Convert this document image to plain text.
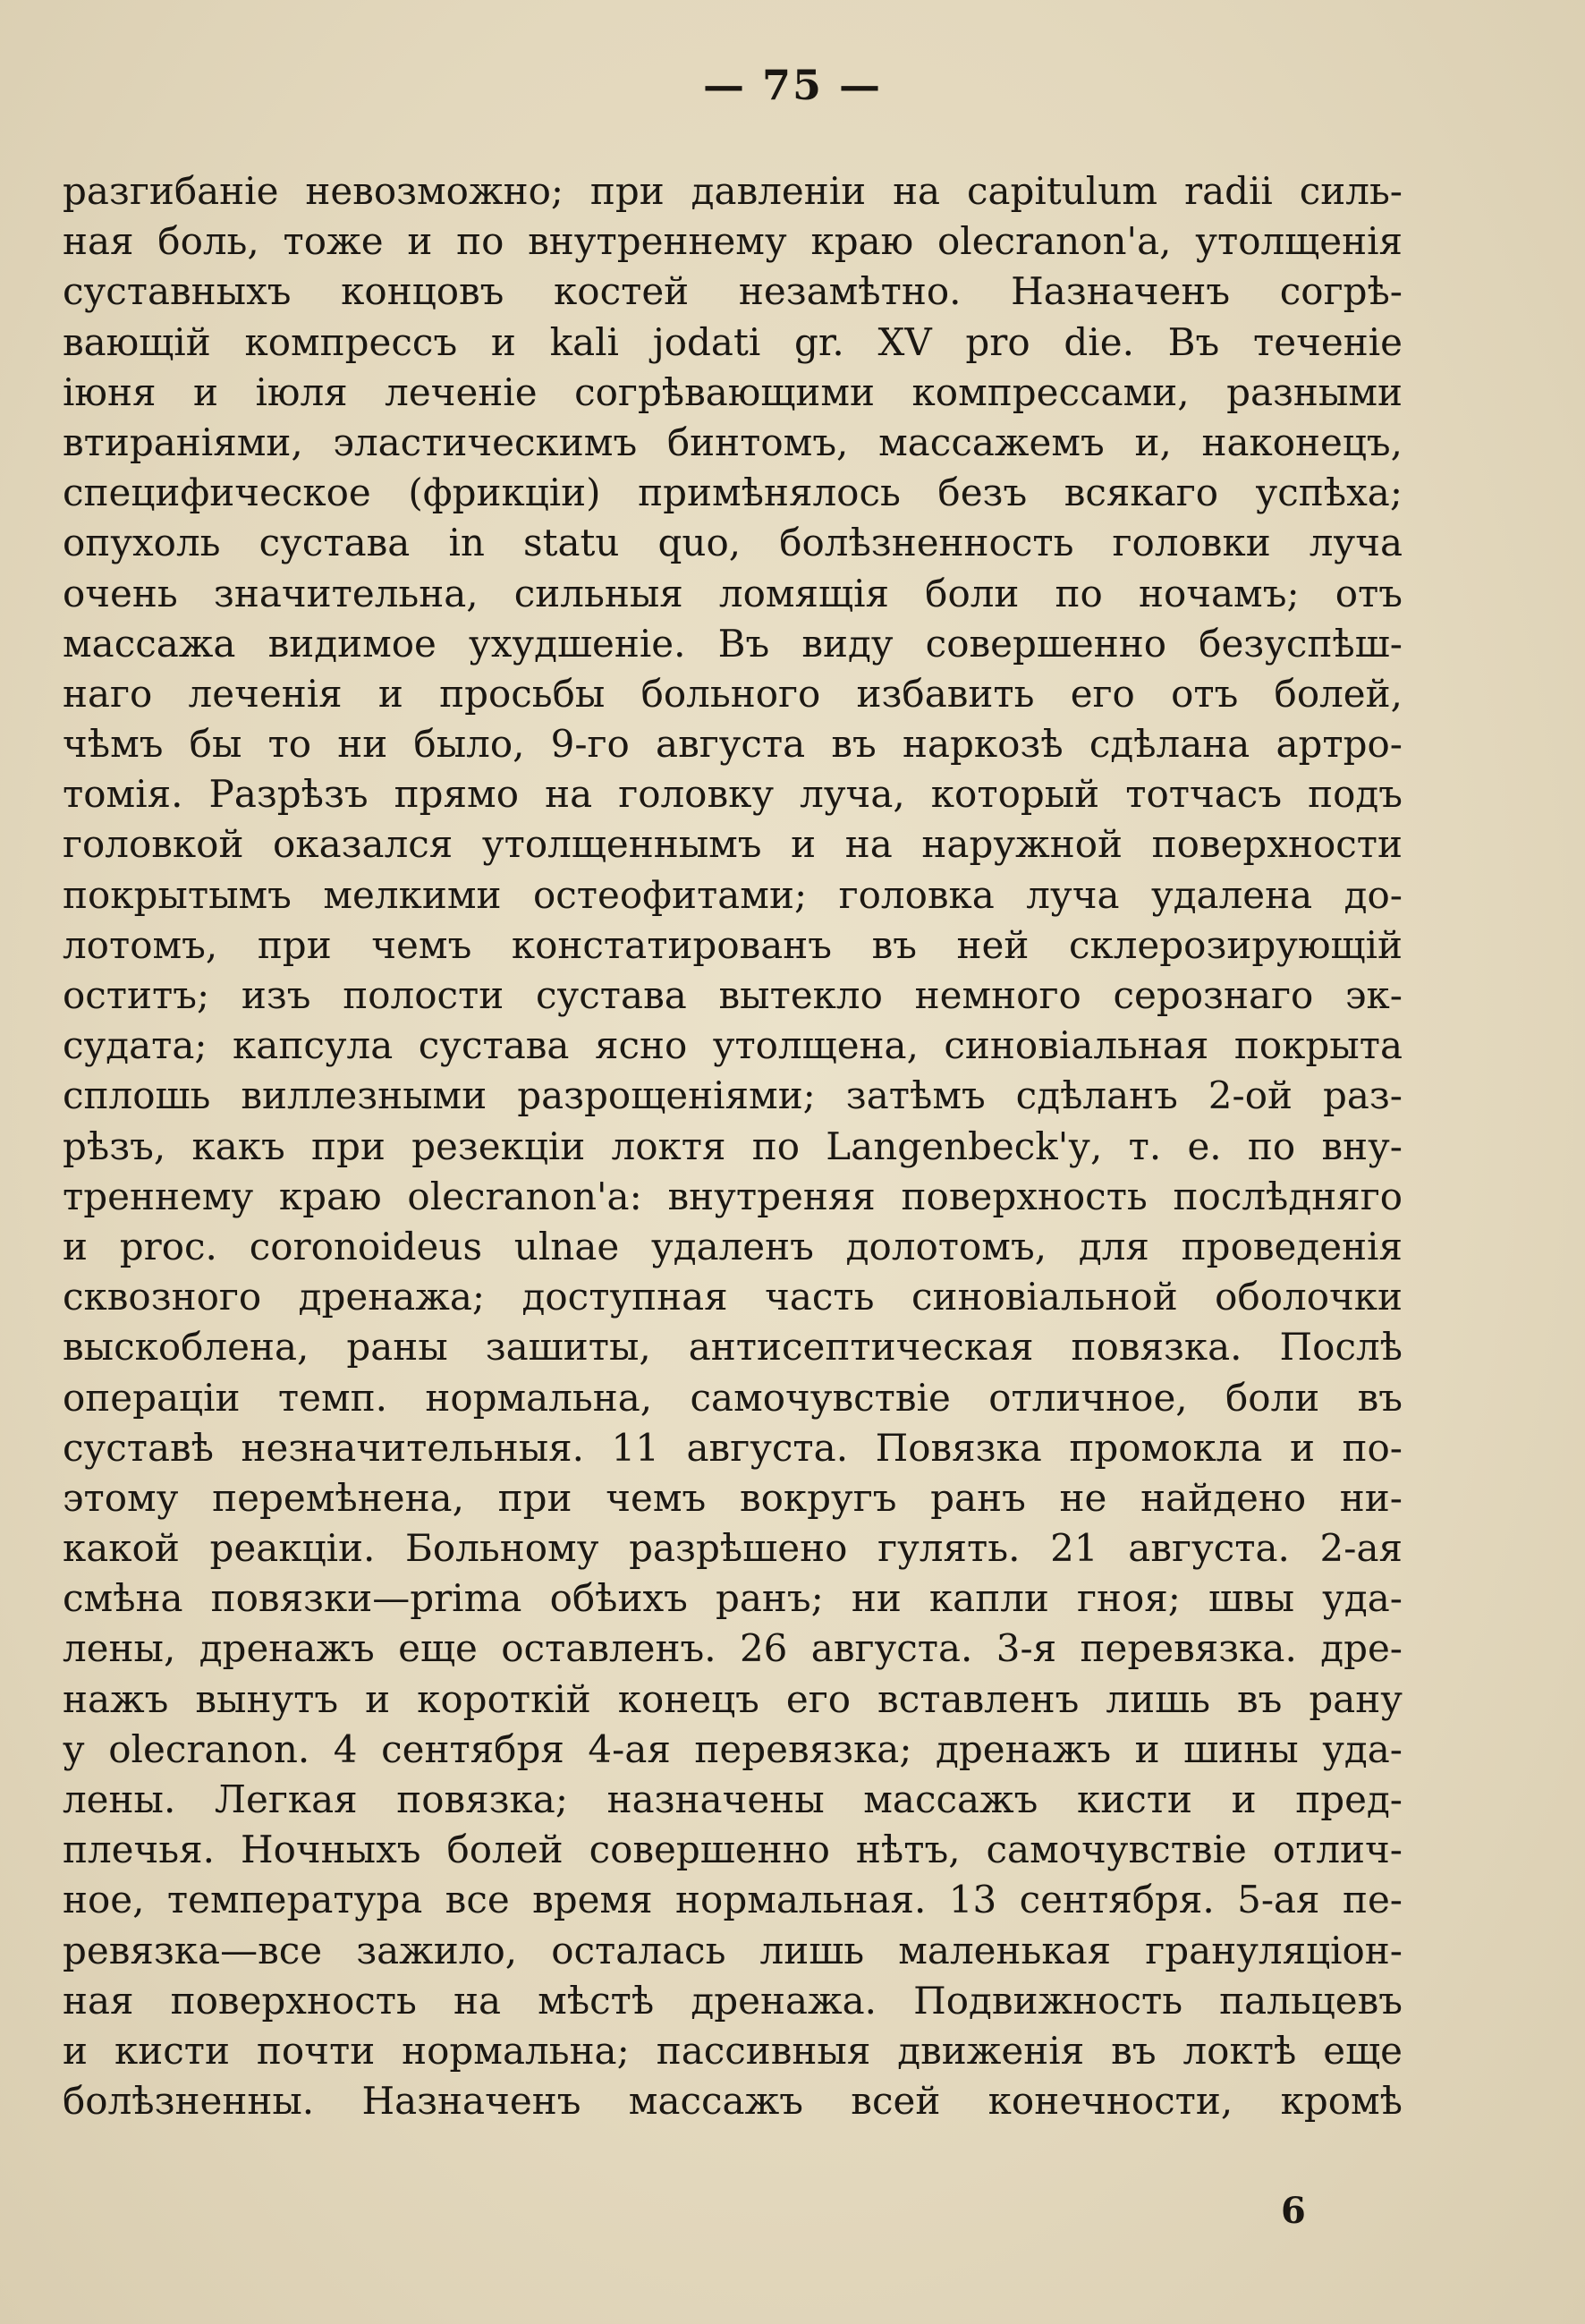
— 75 —
разгибанiе невозможно; при давленiи на capitulum radii силь-
ная боль, тоже и по внутреннему краю olecranon'a, утолщенiя
суставныхъ концовъ костей незамѣтно. Назначенъ согрѣ-
вающiй компрессъ и kali jodati gr. XV pro die. Въ теченiе
iюня и iюля леченiе согрѣвающими компрессами, разными
втиранiями, эластическимъ бинтомъ, массажемъ и, наконецъ,
специфическое (фрикцiи) примѣнялось безъ всякаго успѣха;
опухоль сустава in statu quo, болѣзненность головки луча
очень значительна, сильныя ломящiя боли по ночамъ; отъ
массажа видимое ухудшенiе. Въ виду совершенно безуспѣш-
наго леченiя и просьбы больного избавить его отъ болей,
чѣмъ бы то ни было, 9-го августа въ наркозѣ сдѣлана артро-
томiя. Разрѣзъ прямо на головку луча, который тотчасъ подъ
головкой оказался утолщеннымъ и на наружной поверхности
покрытымъ мелкими остеофитами; головка луча удалена до-
лотомъ, при чемъ констатированъ въ ней склерозирующiй
оститъ; изъ полости сустава вытекло немного сeрознаго эк-
судата; капсула сустава ясно утолщена, синовiальная покрыта
сплошь виллезными разрощенiями; затѣмъ сдѣланъ 2-ой раз-
рѣзъ, какъ при резекцiи локтя по Langenbeck'у, т. е. по вну-
треннему краю olecranon'a: внутреняя поверхность послѣдняго
и proc. coronoideus ulnae удаленъ долотомъ, для проведенiя
сквозного дренажа; доступная часть синовiальной оболочки
выскоблена, раны зашиты, антисептическая повязка. Послѣ
операцiи темп. нормальна, самочувствiе отличное, боли въ
суставѣ незначительныя. 11 августа. Повязка промокла и по-
этому перемѣнена, при чемъ вокругъ ранъ не найдено ни-
какой реакцiи. Больному разрѣшено гулять. 21 августа. 2-ая
смѣна повязки—prima обѣихъ ранъ; ни капли гноя; швы уда-
лены, дренажъ еще оставленъ. 26 августа. 3-я перевязка. дре-
нажъ вынутъ и короткiй конецъ его вставленъ лишь въ рану
у olecranon. 4 сентября 4-ая перевязка; дренажъ и шины уда-
лены. Легкая повязка; назначены массажъ кисти и пред-
плечья. Ночныхъ болей совершенно нѣтъ, самочувствiе отлич-
ное, температура все время нормальная. 13 сентября. 5-ая пе-
ревязка—все зажило, осталась лишь маленькая грануляцiон-
ная поверхность на мѣстѣ дренажа. Подвижность пальцевъ
и кисти почти нормальна; пассивныя движенiя въ локтѣ еще
болѣзненны. Назначенъ массажъ всей конечности, кромѣ
6
